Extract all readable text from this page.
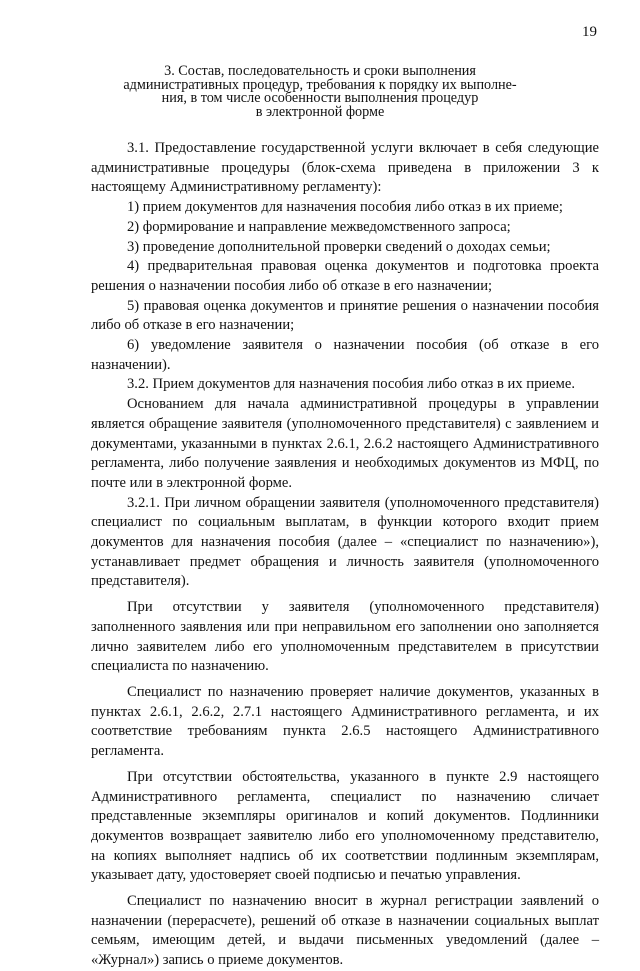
19
3. Состав, последовательность и сроки выполнения
административных процедур, требования к порядку их выполне-
ния, в том числе особенности выполнения процедур
в электронной форме

3.1. Предоставление государственной услуги включает в себя следующие административные процедуры (блок-схема приведена в приложении 3 к настоящему Административному регламенту):

1) прием документов для назначения пособия либо отказ в их приеме;

2) формирование и направление межведомственного запроса;

3) проведение дополнительной проверки сведений о доходах семьи;

4) предварительная правовая оценка документов и подготовка проекта решения о назначении пособия либо об отказе в его назначении;

5) правовая оценка документов и принятие решения о назначении пособия либо об отказе в его назначении;

6) уведомление заявителя о назначении пособия (об отказе в его назначении).

3.2. Прием документов для назначения пособия либо отказ в их приеме.

Основанием для начала административной процедуры в управлении является обращение заявителя (уполномоченного представителя) с заявлением и документами, указанными в пунктах 2.6.1, 2.6.2 настоящего Административного регламента, либо получение заявления и необходимых документов из МФЦ, по почте или в электронной форме.

3.2.1. При личном обращении заявителя (уполномоченного представителя) специалист по социальным выплатам, в функции которого входит прием документов для назначения пособия (далее – «специалист по назначению»), устанавливает предмет обращения и личность заявителя (уполномоченного представителя).

При отсутствии у заявителя (уполномоченного представителя) заполненного заявления или при неправильном его заполнении оно заполняется лично заявителем либо его уполномоченным представителем в присутствии специалиста по назначению.

Специалист по назначению проверяет наличие документов, указанных в пунктах 2.6.1, 2.6.2, 2.7.1 настоящего Административного регламента, и их соответствие требованиям пункта 2.6.5 настоящего Административного регламента.

При отсутствии обстоятельства, указанного в пункте 2.9 настоящего Административного регламента, специалист по назначению сличает представленные экземпляры оригиналов и копий документов. Подлинники документов возвращает заявителю либо его уполномоченному представителю, на копиях выполняет надпись об их соответствии подлинным экземплярам, указывает дату, удостоверяет своей подписью и печатью управления.

Специалист по назначению вносит в журнал регистрации заявлений о назначении (перерасчете), решений об отказе в назначении социальных выплат семьям, имеющим детей, и выдачи письменных уведомлений (далее – «Журнал») запись о приеме документов.
